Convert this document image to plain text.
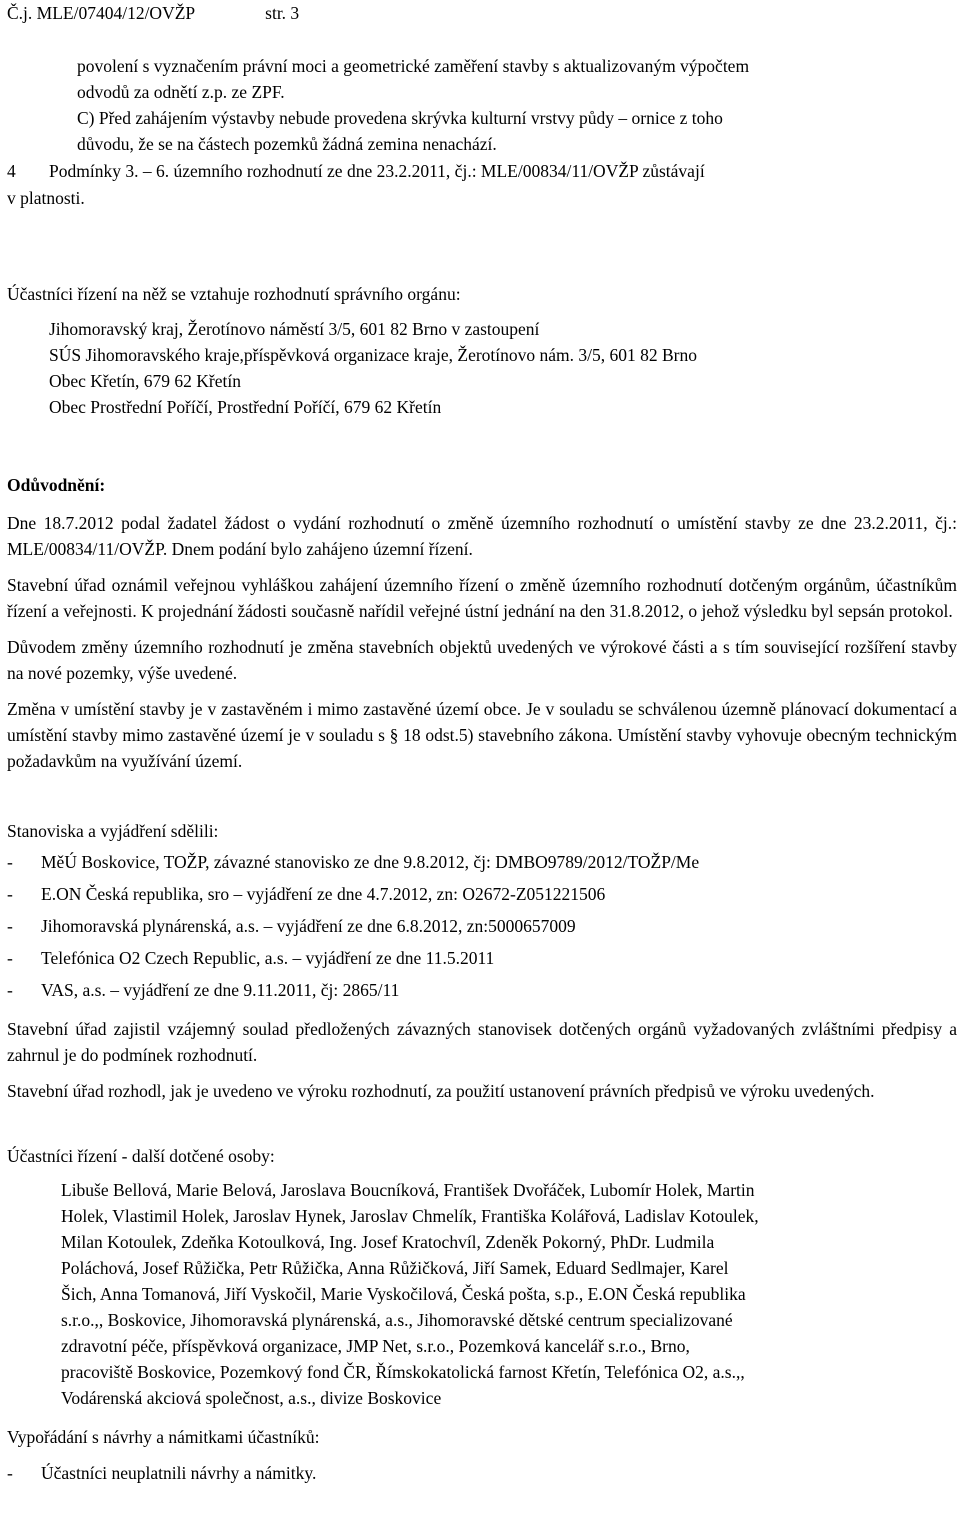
Č.j. MLE/07404/12/OVŽP	str. 3
povolení s vyznačením právní moci a geometrické zaměření stavby s aktualizovaným výpočtem
odvodů za odnětí z.p. ze ZPF.
C) Před zahájením výstavby nebude provedena skrývka kulturní vrstvy půdy – ornice z toho
důvodu, že se na částech pozemků žádná zemina nenachází.
4 Podmínky 3. – 6. územního rozhodnutí ze dne 23.2.2011, čj.: MLE/00834/11/OVŽP zůstávají
v platnosti.
Účastníci řízení na něž se vztahuje rozhodnutí správního orgánu:
Jihomoravský kraj, Žerotínovo náměstí 3/5, 601 82 Brno v zastoupení
SÚS Jihomoravského kraje,příspěvková organizace kraje, Žerotínovo nám. 3/5, 601 82 Brno
Obec Křetín, 679 62 Křetín
Obec Prostřední Poříčí, Prostřední Poříčí, 679 62 Křetín
Odůvodnění:

Dne 18.7.2012 podal žadatel žádost o vydání rozhodnutí o změně územního rozhodnutí o umístění stavby ze dne 23.2.2011, čj.: MLE/00834/11/OVŽP. Dnem podání bylo zahájeno územní řízení.

Stavební úřad oznámil veřejnou vyhláškou zahájení územního řízení o změně územního rozhodnutí dotčeným orgánům, účastníkům řízení a veřejnosti. K projednání žádosti současně nařídil veřejné ústní jednání na den 31.8.2012, o jehož výsledku byl sepsán protokol.

Důvodem změny územního rozhodnutí je změna stavebních objektů uvedených ve výrokové části a s tím související rozšíření stavby na nové pozemky, výše uvedené.

Změna v umístění stavby je v zastavěném i mimo zastavěné území obce. Je v souladu se schválenou územně plánovací dokumentací a umístění stavby mimo zastavěné území je v souladu s § 18 odst.5) stavebního zákona. Umístění stavby vyhovuje obecným technickým požadavkům na využívání území.

Stanoviska a vyjádření sdělili:
- MěÚ Boskovice, TOŽP, závazné stanovisko ze dne 9.8.2012, čj: DMBO9789/2012/TOŽP/Me
- E.ON Česká republika, sro – vyjádření ze dne 4.7.2012, zn: O2672-Z051221506
- Jihomoravská plynárenská, a.s. – vyjádření ze dne 6.8.2012, zn:5000657009
- Telefónica O2 Czech Republic, a.s. – vyjádření ze dne 11.5.2011
- VAS, a.s. – vyjádření ze dne 9.11.2011, čj: 2865/11

Stavební úřad zajistil vzájemný soulad předložených závazných stanovisek dotčených orgánů vyžadovaných zvláštními předpisy a zahrnul je do podmínek rozhodnutí.

Stavební úřad rozhodl, jak je uvedeno ve výroku rozhodnutí, za použití ustanovení právních předpisů ve výroku uvedených.

Účastníci řízení - další dotčené osoby:
Libuše Bellová, Marie Belová, Jaroslava Boucníková, František Dvořáček, Lubomír Holek, Martin
Holek, Vlastimil Holek, Jaroslav Hynek, Jaroslav Chmelík, Františka Kolářová, Ladislav Kotoulek,
Milan Kotoulek, Zdeňka Kotoulková, Ing. Josef Kratochvíl, Zdeněk Pokorný, PhDr. Ludmila
Poláchová, Josef Růžička, Petr Růžička, Anna Růžičková, Jiří Samek, Eduard Sedlmajer, Karel
Šich, Anna Tomanová, Jiří Vyskočil, Marie Vyskočilová, Česká pošta, s.p., E.ON Česká republika
s.r.o.,, Boskovice, Jihomoravská plynárenská, a.s., Jihomoravské dětské centrum specializované
zdravotní péče, příspěvková organizace, JMP Net, s.r.o., Pozemková kancelář s.r.o., Brno,
pracoviště Boskovice, Pozemkový fond ČR, Římskokatolická farnost Křetín, Telefónica O2, a.s.,,
Vodárenská akciová společnost, a.s., divize Boskovice
Vypořádání s návrhy a námitkami účastníků:
- Účastníci neuplatnili návrhy a námitky.
